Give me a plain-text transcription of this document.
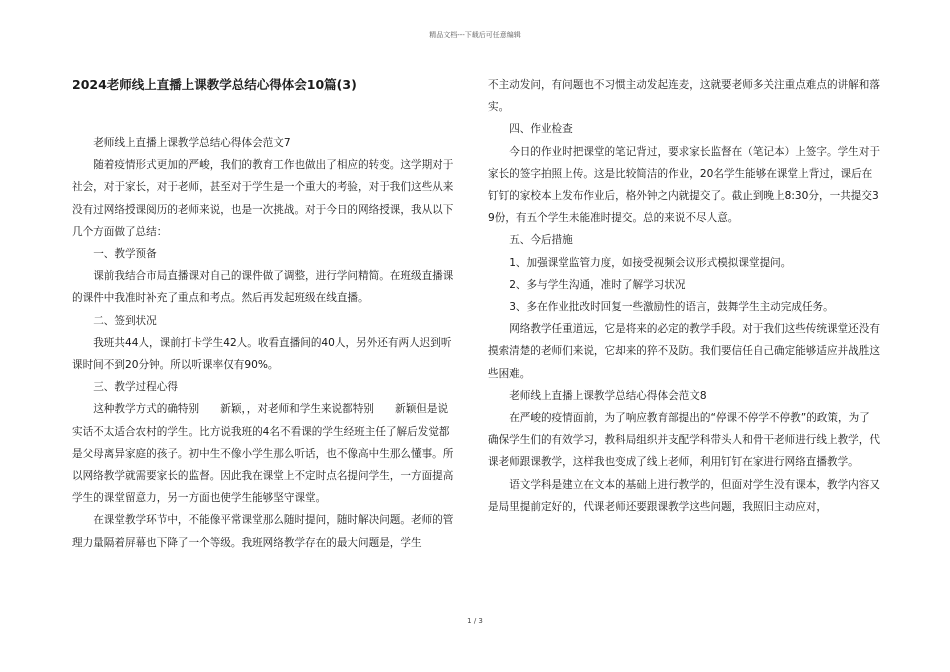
精品文档---下载后可任意编辑
2024老师线上直播上课教学总结心得体会10篇(3)

老师线上直播上课教学总结心得体会范文7

随着疫情形式更加的严峻，我们的教育工作也做出了相应的转变。这学期对于社会，对于家长，对于老师，甚至对于学生是一个重大的考验，对于我们这些从来没有过网络授课阅历的老师来说，也是一次挑战。对于今日的网络授课，我从以下几个方面做了总结：

一、教学预备

课前我结合市局直播课对自己的课件做了调整，进行学问精简。在班级直播课的课件中我准时补充了重点和考点。然后再发起班级在线直播。

二、签到状况

我班共44人，课前打卡学生42人。收看直播间的40人，另外还有两人迟到听课时间不到20分钟。所以听课率仅有90%。

三、教学过程心得

这种教学方式的确特别　　新颖，，对老师和学生来说都特别　　新颖但是说实话不太适合农村的学生。比方说我班的4名不看课的学生经班主任了解后发觉都是父母离异家庭的孩子。初中生不像小学生那么听话，也不像高中生那么懂事。所以网络教学就需要家长的监督。因此我在课堂上不定时点名提问学生，一方面提高学生的课堂留意力，另一方面也使学生能够坚守课堂。

在课堂教学环节中，不能像平常课堂那么随时提问，随时解决问题。老师的管理力量隔着屏幕也下降了一个等级。我班网络教学存在的最大问题是，学生

不主动发问，有问题也不习惯主动发起连麦，这就要老师多关注重点难点的讲解和落实。

四、作业检查

今日的作业时把课堂的笔记背过，要求家长监督在（笔记本）上签字。学生对于家长的签字拍照上传。这是比较简洁的作业，20名学生能够在课堂上背过，课后在钉钉的家校本上发布作业后，格外钟之内就提交了。截止到晚上8:30分，一共提交39份，有五个学生未能准时提交。总的来说不尽人意。

五、今后措施

1、加强课堂监管力度，如接受视频会议形式模拟课堂提问。

2、多与学生沟通，准时了解学习状况

3、多在作业批改时回复一些激励性的语言，鼓舞学生主动完成任务。

网络教学任重道远，它是将来的必定的教学手段。对于我们这些传统课堂还没有摸索清楚的老师们来说，它却来的猝不及防。我们要信任自己确定能够适应并战胜这些困难。

老师线上直播上课教学总结心得体会范文8

在严峻的疫情面前，为了响应教育部提出的“停课不停学不停教”的政策，为了确保学生们的有效学习，教科局组织并支配学科带头人和骨干老师进行线上教学，代课老师跟课教学，这样我也变成了线上老师，利用钉钉在家进行网络直播教学。

语文学科是建立在文本的基础上进行教学的，但面对学生没有课本，教学内容又是局里提前定好的，代课老师还要跟课教学这些问题，我照旧主动应对，

1 / 3
